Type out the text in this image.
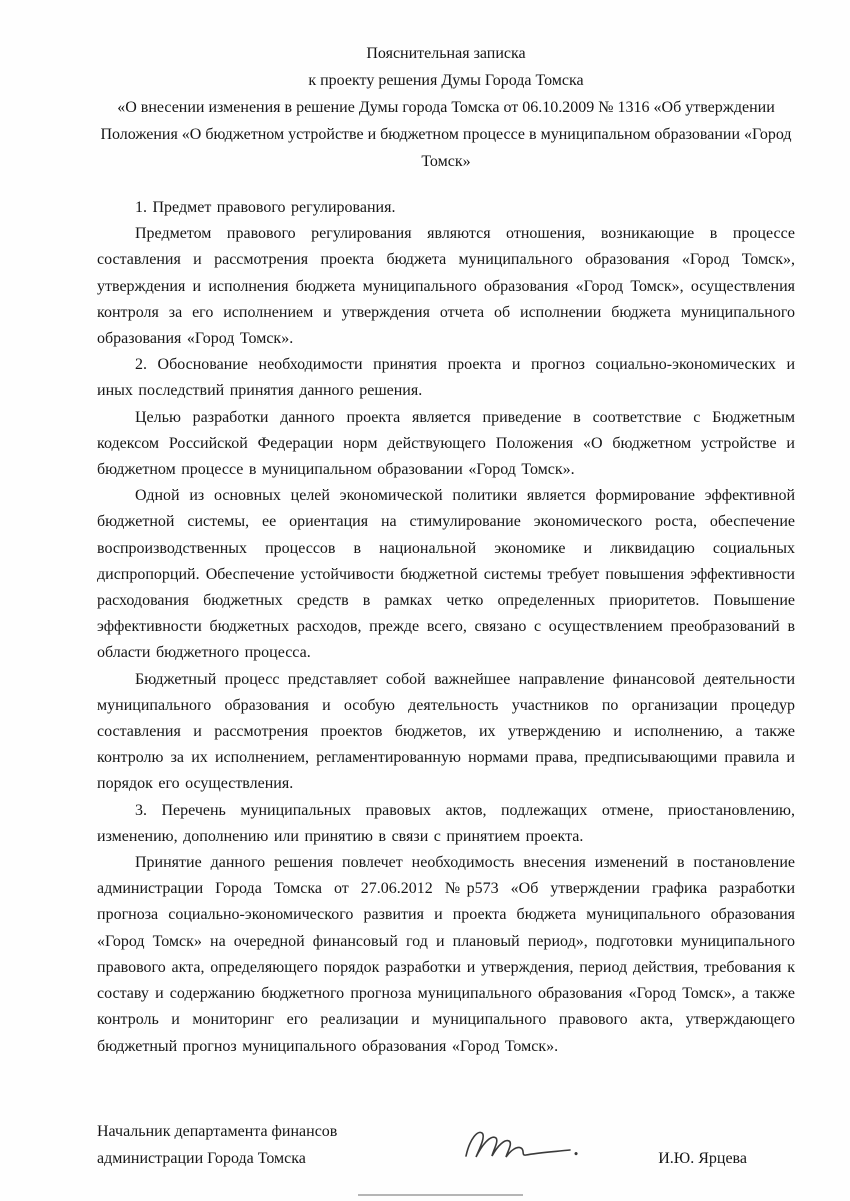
Пояснительная записка
к проекту решения Думы Города Томска
«О внесении изменения в решение Думы города Томска от 06.10.2009 № 1316 «Об утверждении Положения «О бюджетном устройстве и бюджетном процессе в муниципальном образовании «Город Томск»

1. Предмет правового регулирования.

Предметом правового регулирования являются отношения, возникающие в процессе составления и рассмотрения проекта бюджета муниципального образования «Город Томск», утверждения и исполнения бюджета муниципального образования «Город Томск», осуществления контроля за его исполнением и утверждения отчета об исполнении бюджета муниципального образования «Город Томск».

2. Обоснование необходимости принятия проекта и прогноз социально-экономических и иных последствий принятия данного решения.

Целью разработки данного проекта является приведение в соответствие с Бюджетным кодексом Российской Федерации норм действующего Положения «О бюджетном устройстве и бюджетном процессе в муниципальном образовании «Город Томск».

Одной из основных целей экономической политики является формирование эффективной бюджетной системы, ее ориентация на стимулирование экономического роста, обеспечение воспроизводственных процессов в национальной экономике и ликвидацию социальных диспропорций. Обеспечение устойчивости бюджетной системы требует повышения эффективности расходования бюджетных средств в рамках четко определенных приоритетов. Повышение эффективности бюджетных расходов, прежде всего, связано с осуществлением преобразований в области бюджетного процесса.

Бюджетный процесс представляет собой важнейшее направление финансовой деятельности муниципального образования и особую деятельность участников по организации процедур составления и рассмотрения проектов бюджетов, их утверждению и исполнению, а также контролю за их исполнением, регламентированную нормами права, предписывающими правила и порядок его осуществления.

3. Перечень муниципальных правовых актов, подлежащих отмене, приостановлению, изменению, дополнению или принятию в связи с принятием проекта.

Принятие данного решения повлечет необходимость внесения изменений в постановление администрации Города Томска от 27.06.2012 №р573 «Об утверждении графика разработки прогноза социально-экономического развития и проекта бюджета муниципального образования «Город Томск» на очередной финансовый год и плановый период», подготовки муниципального правового акта, определяющего порядок разработки и утверждения, период действия, требования к составу и содержанию бюджетного прогноза муниципального образования «Город Томск», а также контроль и мониторинг его реализации и муниципального правового акта, утверждающего бюджетный прогноз муниципального образования «Город Томск».

Начальник департамента финансов
администрации Города Томска	И.Ю. Ярцева
